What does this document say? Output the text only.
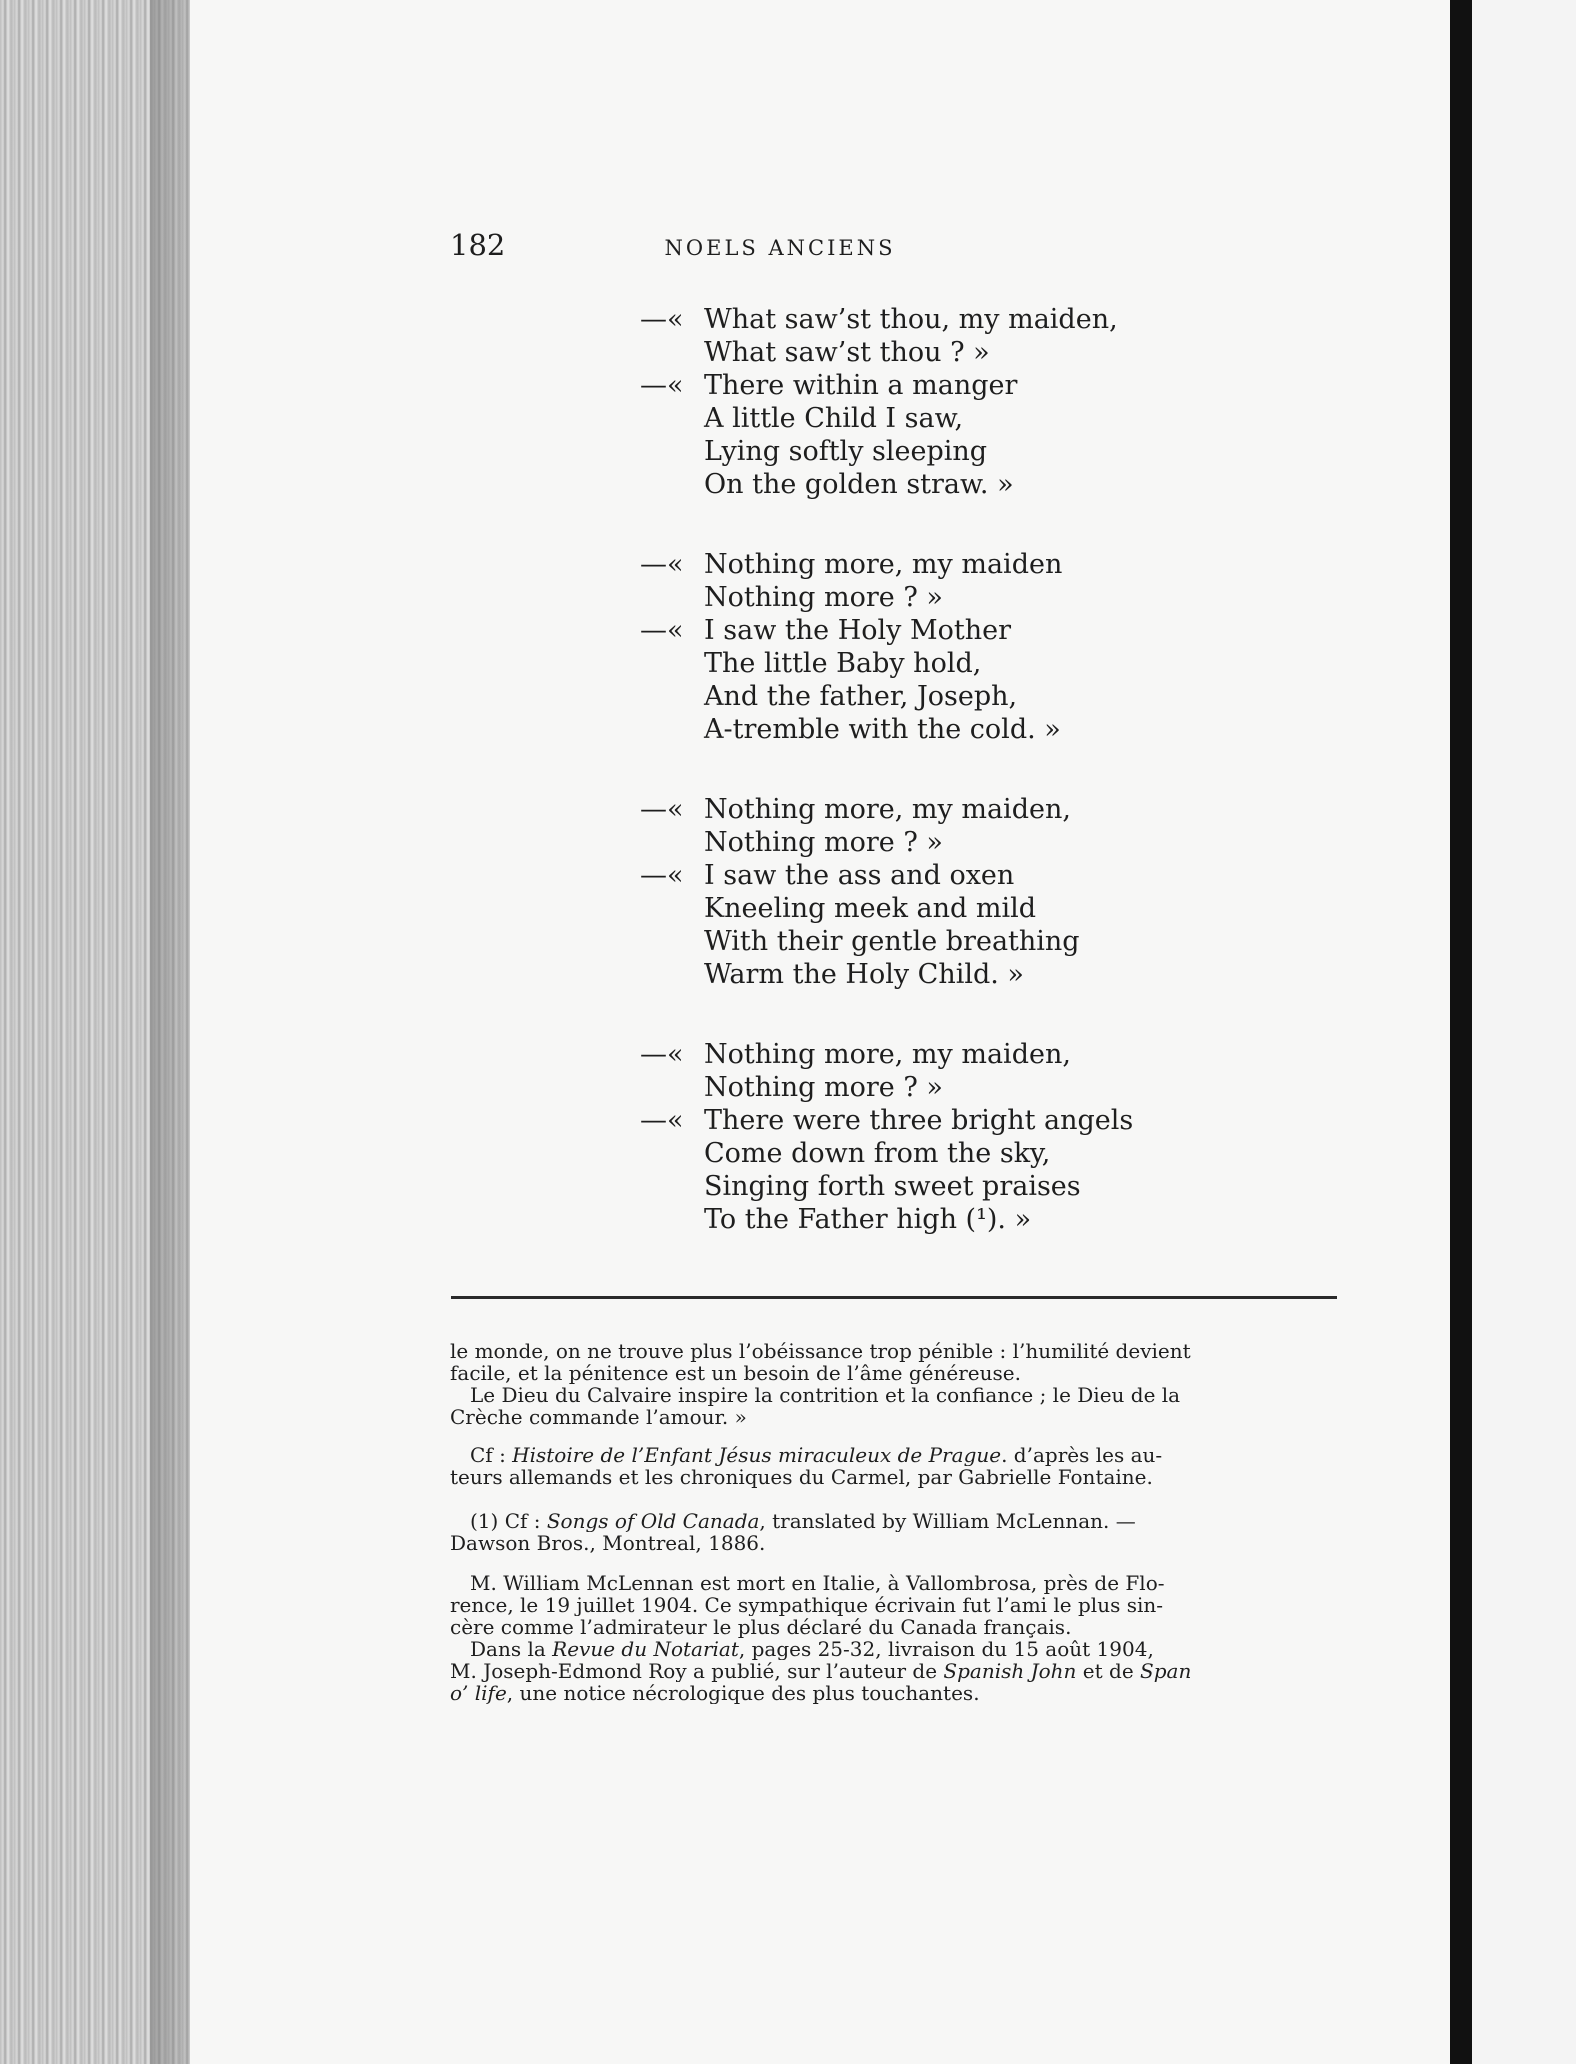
182	NOELS ANCIENS
—« What saw’st thou, my maiden,
What saw’st thou ? »
—« There within a manger
A little Child I saw,
Lying softly sleeping
On the golden straw. »
—« Nothing more, my maiden
Nothing more ? »
—« I saw the Holy Mother
The little Baby hold,
And the father, Joseph,
A-tremble with the cold. »
—« Nothing more, my maiden,
Nothing more ? »
—« I saw the ass and oxen
Kneeling meek and mild
With their gentle breathing
Warm the Holy Child. »
—« Nothing more, my maiden,
Nothing more ? »
—« There were three bright angels
Come down from the sky,
Singing forth sweet praises
To the Father high (¹). »
le monde, on ne trouve plus l’obéissance trop pénible : l’humilité devient
facile, et la pénitence est un besoin de l’âme généreuse.
Le Dieu du Calvaire inspire la contrition et la confiance ; le Dieu de la
Crèche commande l’amour. »
Cf : Histoire de l’Enfant Jésus miraculeux de Prague. d’après les au-
teurs allemands et les chroniques du Carmel, par Gabrielle Fontaine.
(1) Cf : Songs of Old Canada, translated by William McLennan. —
Dawson Bros., Montreal, 1886.
M. William McLennan est mort en Italie, à Vallombrosa, près de Flo-
rence, le 19 juillet 1904. Ce sympathique écrivain fut l’ami le plus sin-
cère comme l’admirateur le plus déclaré du Canada français.
Dans la Revue du Notariat, pages 25-32, livraison du 15 août 1904,
M. Joseph-Edmond Roy a publié, sur l’auteur de Spanish John et de Span
o’ life, une notice nécrologique des plus touchantes.
